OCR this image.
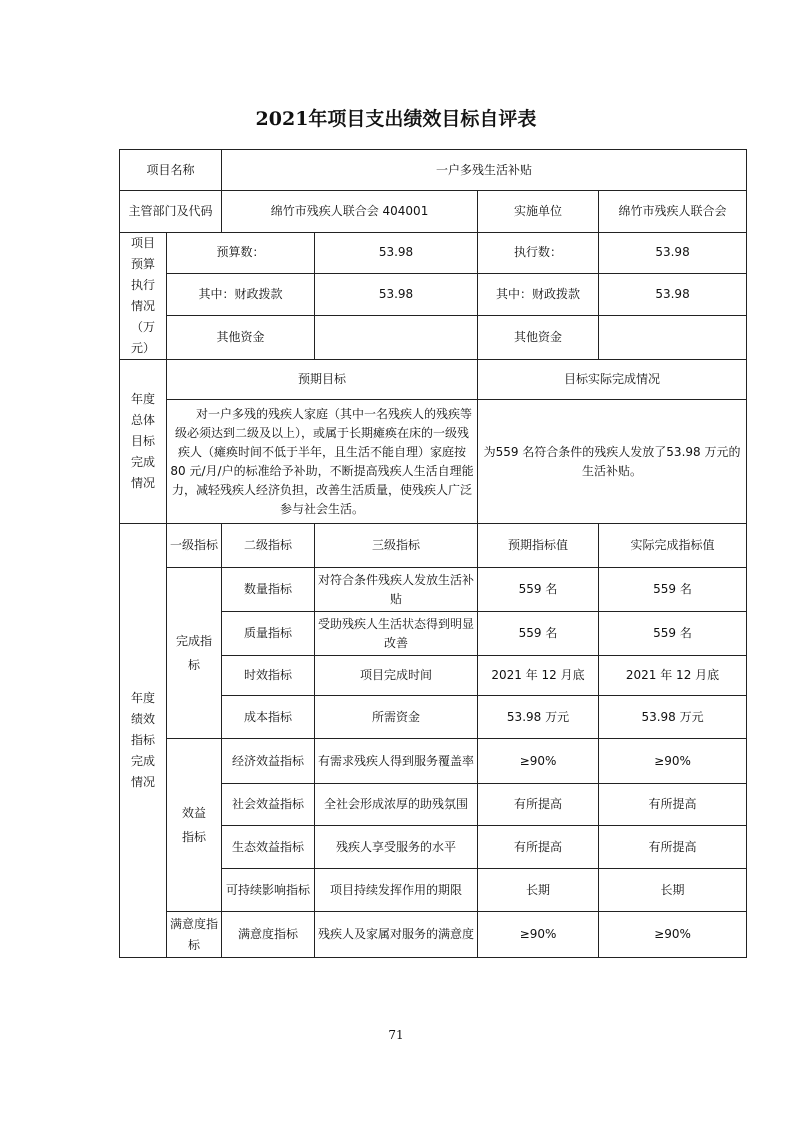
2021年项目支出绩效目标自评表
项目名称		一户多残生活补贴			
主管部门及代码		绵竹市残疾人联合会 404001		实施单位	绵竹市残疾人联合会
项目预算执行情况（万元）	预算数：		53.98	执行数：	53.98
	其中：财政拨款		53.98	其中：财政拨款	53.98
	其他资金			其他资金	
年度总体目标完成情况	预期目标			目标实际完成情况	
	对一户多残的残疾人家庭（其中一名残疾人的残疾等级必须达到二级及以上），或属于长期瘫痪在床的一级残疾人（瘫痪时间不低于半年，且生活不能自理）家庭按 80 元/月/户的标准给予补助，不断提高残疾人生活自理能力，减轻残疾人经济负担，改善生活质量，使残疾人广泛参与社会生活。			为559 名符合条件的残疾人发放了53.98 万元的生活补贴。	
年度绩效指标完成情况	一级指标	二级指标	三级指标	预期指标值	实际完成指标值
	完成指标	数量指标	对符合条件残疾人发放生活补贴	559 名	559 名
		质量指标	受助残疾人生活状态得到明显改善	559 名	559 名
		时效指标	项目完成时间	2021 年 12 月底	2021 年 12 月底
		成本指标	所需资金	53.98 万元	53.98 万元
	效益指标	经济效益指标	有需求残疾人得到服务覆盖率	≥90%	≥90%
		社会效益指标	全社会形成浓厚的助残氛围	有所提高	有所提高
		生态效益指标	残疾人享受服务的水平	有所提高	有所提高
		可持续影响指标	项目持续发挥作用的期限	长期	长期
	满意度指标	满意度指标	残疾人及家属对服务的满意度	≥90%	≥90%
71
